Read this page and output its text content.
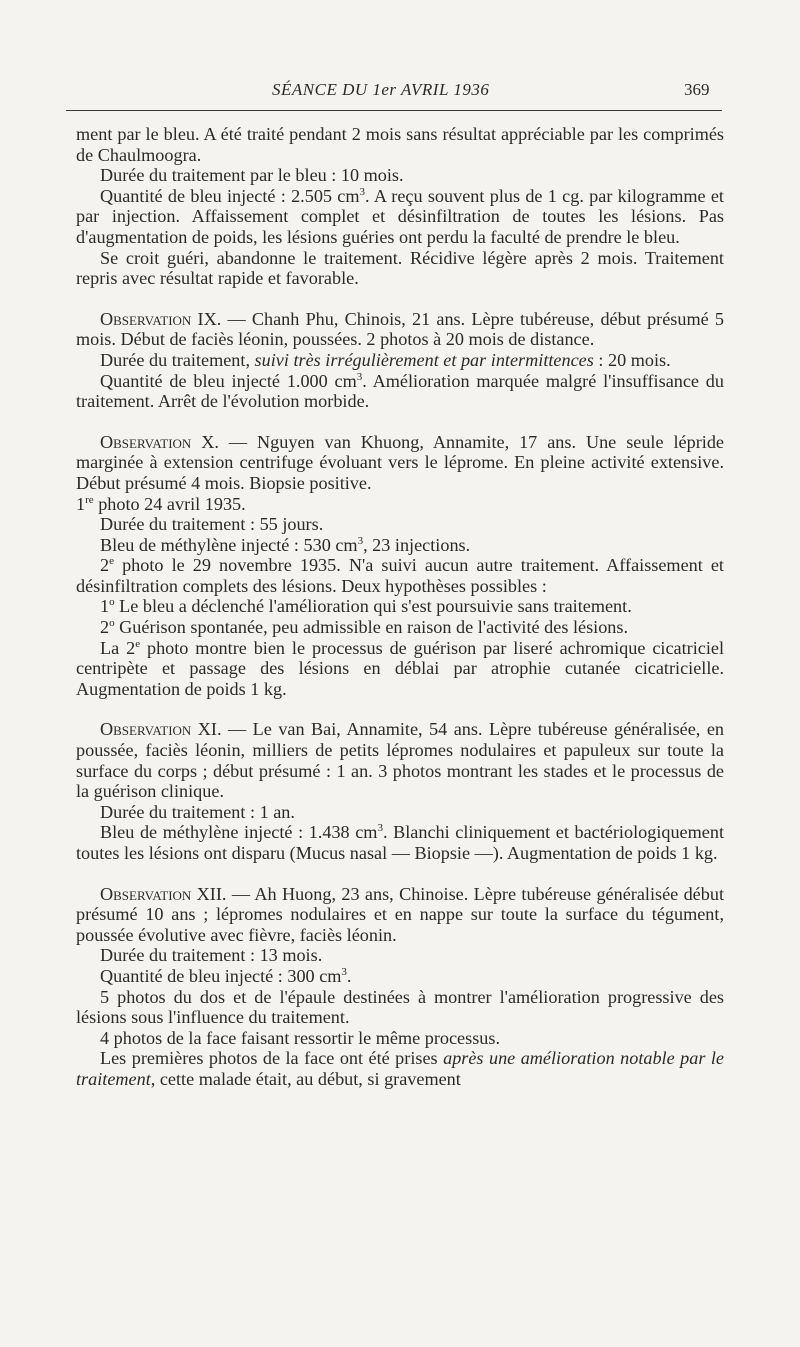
SÉANCE DU 1er AVRIL 1936	369

ment par le bleu. A été traité pendant 2 mois sans résultat appréciable par les comprimés de Chaulmoogra.

Durée du traitement par le bleu : 10 mois.

Quantité de bleu injecté : 2.505 $cm^3$. A reçu souvent plus de 1 cg. par kilogramme et par injection. Affaissement complet et désinfiltration de toutes les lésions. Pas d'augmentation de poids, les lésions guéries ont perdu la faculté de prendre le bleu.

Se croit guéri, abandonne le traitement. Récidive légère après 2 mois. Traitement repris avec résultat rapide et favorable.

Observation IX. — Chanh Phu, Chinois, 21 ans. Lèpre tubéreuse, début présumé 5 mois. Début de faciès léonin, poussées. 2 photos à 20 mois de distance.

Durée du traitement, suivi très irrégulièrement et par intermittences : 20 mois.

Quantité de bleu injecté 1.000 $cm^3$. Amélioration marquée malgré l'insuffisance du traitement. Arrêt de l'évolution morbide.

Observation X. — Nguyen van Khuong, Annamite, 17 ans. Une seule lépride marginée à extension centrifuge évoluant vers le léprome. En pleine activité extensive. Début présumé 4 mois. Biopsie positive.

1re photo 24 avril 1935.

Durée du traitement : 55 jours.

Bleu de méthylène injecté : 530 $cm^3$, 23 injections.

2e photo le 29 novembre 1935. N'a suivi aucun autre traitement. Affaissement et désinfiltration complets des lésions. Deux hypothèses possibles :

1$^o$ Le bleu a déclenché l'amélioration qui s'est poursuivie sans traitement.

2$^o$ Guérison spontanée, peu admissible en raison de l'activité des lésions.

La 2e photo montre bien le processus de guérison par liseré achromique cicatriciel centripète et passage des lésions en déblai par atrophie cutanée cicatricielle. Augmentation de poids 1 kg.

Observation XI. — Le van Bai, Annamite, 54 ans. Lèpre tubéreuse généralisée, en poussée, faciès léonin, milliers de petits lépromes nodulaires et papuleux sur toute la surface du corps ; début présumé : 1 an. 3 photos montrant les stades et le processus de la guérison clinique.

Durée du traitement : 1 an.

Bleu de méthylène injecté : 1.438 $cm^3$. Blanchi cliniquement et bactériologiquement toutes les lésions ont disparu (Mucus nasal — Biopsie —). Augmentation de poids 1 kg.

Observation XII. — Ah Huong, 23 ans, Chinoise. Lèpre tubéreuse généralisée début présumé 10 ans ; lépromes nodulaires et en nappe sur toute la surface du tégument, poussée évolutive avec fièvre, faciès léonin.

Durée du traitement : 13 mois.

Quantité de bleu injecté : 300 $cm^3$.

5 photos du dos et de l'épaule destinées à montrer l'amélioration progressive des lésions sous l'influence du traitement.

4 photos de la face faisant ressortir le même processus.

Les premières photos de la face ont été prises après une amélioration notable par le traitement, cette malade était, au début, si gravement
